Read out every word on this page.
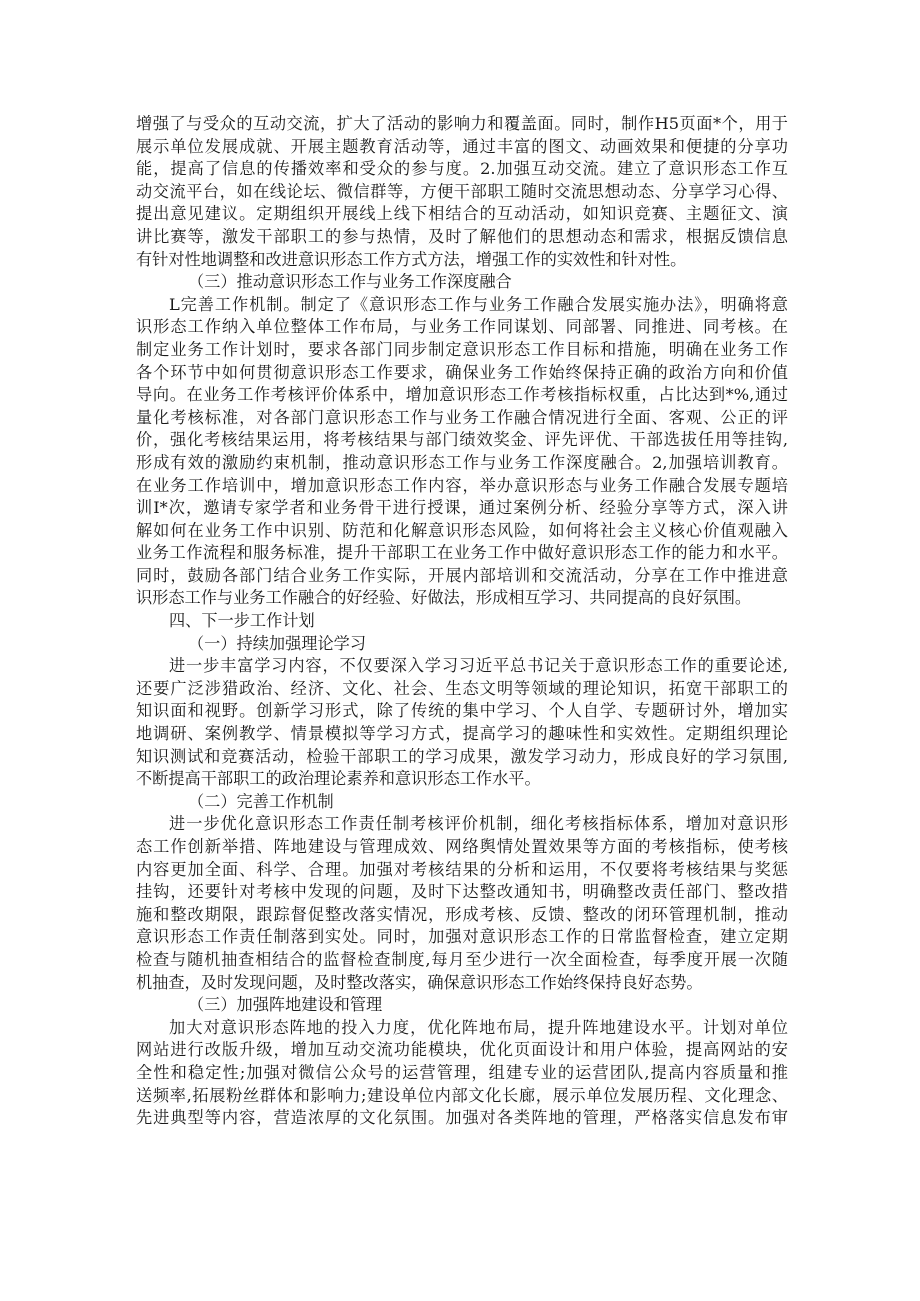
增强了与受众的互动交流，扩大了活动的影响力和覆盖面。同时，制作H5页面*个，用于
展示单位发展成就、开展主题教育活动等，通过丰富的图文、动画效果和便捷的分享功
能，提高了信息的传播效率和受众的参与度。2.加强互动交流。建立了意识形态工作互
动交流平台，如在线论坛、微信群等，方便干部职工随时交流思想动态、分享学习心得、
提出意见建议。定期组织开展线上线下相结合的互动活动，如知识竞赛、主题征文、演
讲比赛等，激发干部职工的参与热情，及时了解他们的思想动态和需求，根据反馈信息
有针对性地调整和改进意识形态工作方式方法，增强工作的实效性和针对性。
（三）推动意识形态工作与业务工作深度融合
L完善工作机制。制定了《意识形态工作与业务工作融合发展实施办法》，明确将意
识形态工作纳入单位整体工作布局，与业务工作同谋划、同部署、同推进、同考核。在
制定业务工作计划时，要求各部门同步制定意识形态工作目标和措施，明确在业务工作
各个环节中如何贯彻意识形态工作要求，确保业务工作始终保持正确的政治方向和价值
导向。在业务工作考核评价体系中，增加意识形态工作考核指标权重，占比达到*%,通过
量化考核标准，对各部门意识形态工作与业务工作融合情况进行全面、客观、公正的评
价，强化考核结果运用，将考核结果与部门绩效奖金、评先评优、干部选拔任用等挂钩,
形成有效的激励约束机制，推动意识形态工作与业务工作深度融合。2,加强培训教育。
在业务工作培训中，增加意识形态工作内容，举办意识形态与业务工作融合发展专题培
训I*次，邀请专家学者和业务骨干进行授课，通过案例分析、经验分享等方式，深入讲
解如何在业务工作中识别、防范和化解意识形态风险，如何将社会主义核心价值观融入
业务工作流程和服务标准，提升干部职工在业务工作中做好意识形态工作的能力和水平。
同时，鼓励各部门结合业务工作实际，开展内部培训和交流活动，分享在工作中推进意
识形态工作与业务工作融合的好经验、好做法，形成相互学习、共同提高的良好氛围。
四、下一步工作计划
（一）持续加强理论学习
进一步丰富学习内容，不仅要深入学习习近平总书记关于意识形态工作的重要论述,
还要广泛涉猎政治、经济、文化、社会、生态文明等领域的理论知识，拓宽干部职工的
知识面和视野。创新学习形式，除了传统的集中学习、个人自学、专题研讨外，增加实
地调研、案例教学、情景模拟等学习方式，提高学习的趣味性和实效性。定期组织理论
知识测试和竞赛活动，检验干部职工的学习成果，激发学习动力，形成良好的学习氛围,
不断提高干部职工的政治理论素养和意识形态工作水平。
（二）完善工作机制
进一步优化意识形态工作责任制考核评价机制，细化考核指标体系，增加对意识形
态工作创新举措、阵地建设与管理成效、网络舆情处置效果等方面的考核指标，使考核
内容更加全面、科学、合理。加强对考核结果的分析和运用，不仅要将考核结果与奖惩
挂钩，还要针对考核中发现的问题，及时下达整改通知书，明确整改责任部门、整改措
施和整改期限，跟踪督促整改落实情况，形成考核、反馈、整改的闭环管理机制，推动
意识形态工作责任制落到实处。同时，加强对意识形态工作的日常监督检查，建立定期
检查与随机抽查相结合的监督检查制度,每月至少进行一次全面检查，每季度开展一次随
机抽查，及时发现问题，及时整改落实，确保意识形态工作始终保持良好态势。
（三）加强阵地建设和管理
加大对意识形态阵地的投入力度，优化阵地布局，提升阵地建设水平。计划对单位
网站进行改版升级，增加互动交流功能模块，优化页面设计和用户体验，提高网站的安
全性和稳定性;加强对微信公众号的运营管理，组建专业的运营团队,提高内容质量和推
送频率,拓展粉丝群体和影响力;建设单位内部文化长廊，展示单位发展历程、文化理念、
先进典型等内容，营造浓厚的文化氛围。加强对各类阵地的管理，严格落实信息发布审
